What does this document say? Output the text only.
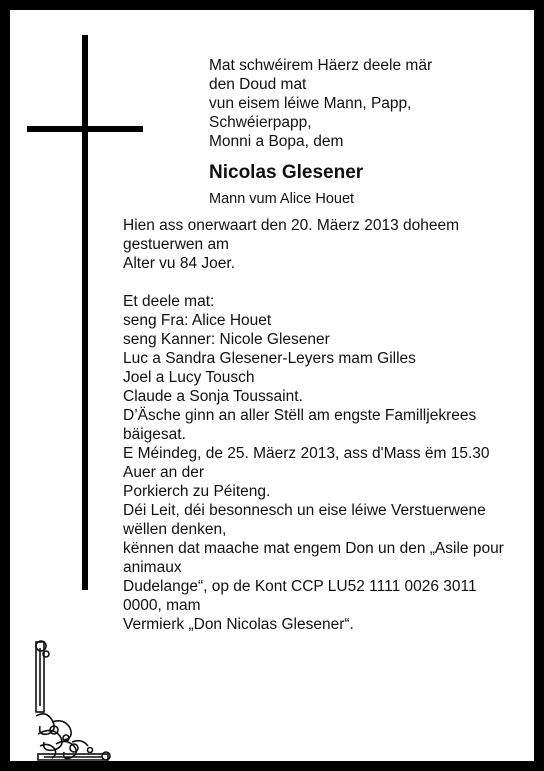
Mat schwéirem Häerz deele mär
den Doud mat
vun eisem léiwe Mann, Papp,
Schwéierpapp,
Monni a Bopa, dem
Nicolas Glesener
Mann vum Alice Houet

Hien ass onerwaart den 20. Mäerz 2013 doheem
gestuerwen am
Alter vu 84 Joer.

Et deele mat:
seng Fra: Alice Houet
seng Kanner: Nicole Glesener
Luc a Sandra Glesener-Leyers mam Gilles
Joel a Lucy Tousch
Claude a Sonja Toussaint.

D’Äsche ginn an aller Stëll am engste Familljekrees
bäigesat.
E Méindeg, de 25. Mäerz 2013, ass d'Mass ëm 15.30
Auer an der
Porkierch zu Péiteng.

Déi Leit, déi besonnesch un eise léiwe Verstuerwene
wëllen denken,
kënnen dat maache mat engem Don un den „Asile pour
animaux
Dudelange“, op de Kont CCP LU52 1111 0026 3011
0000, mam
Vermierk „Don Nicolas Glesener“.
